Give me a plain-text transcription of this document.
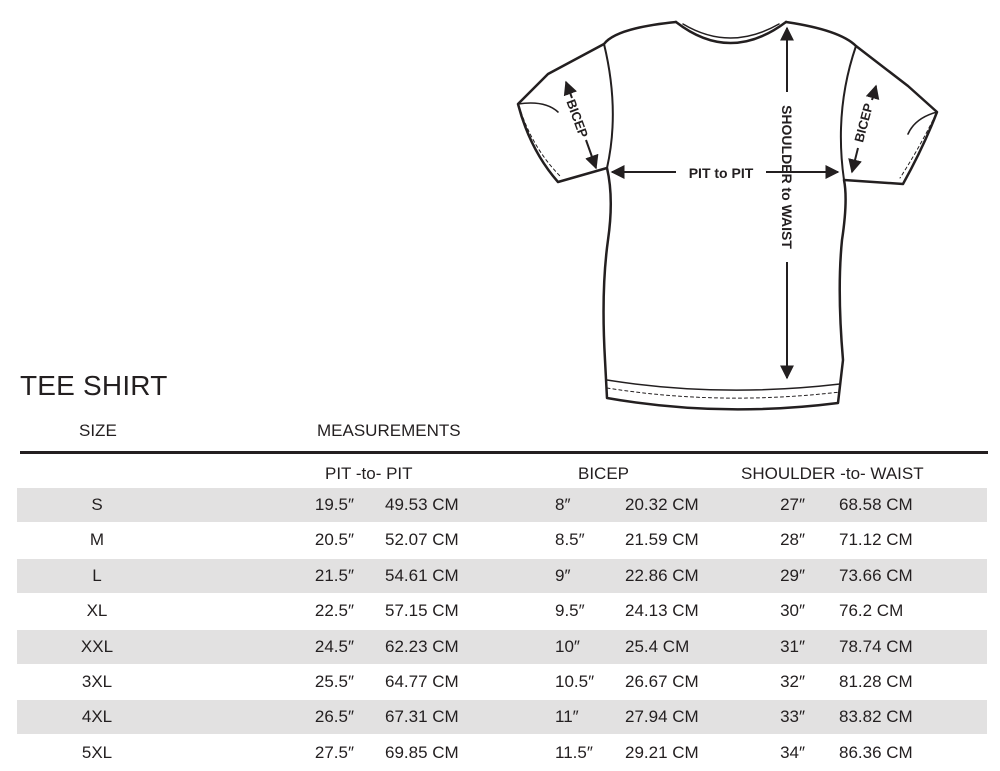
PIT to PIT SHOULDER to WAIST
BICEP	BICEP
TEE SHIRT
SIZE	MEASUREMENTS
PIT -to- PIT	BICEP	SHOULDER -to- WAIST
S	19.5″ 49.53 CM	8″	20.32 CM	27″ 68.58 CM
M	20.5″ 52.07 CM	8.5″ 21.59 CM	28″ 71.12 CM
L	21.5″ 54.61 CM	9″	22.86 CM	29″ 73.66 CM
XL	22.5″ 57.15 CM	9.5″ 24.13 CM	30″ 76.2 CM
XXL	24.5″ 62.23 CM	10″	25.4 CM	31″ 78.74 CM
3XL	25.5″ 64.77 CM	10.5″ 26.67 CM	32″ 81.28 CM
4XL	26.5″ 67.31 CM	11″	27.94 CM	33″ 83.82 CM
5XL	27.5″ 69.85 CM	11.5″ 29.21 CM	34″ 86.36 CM
